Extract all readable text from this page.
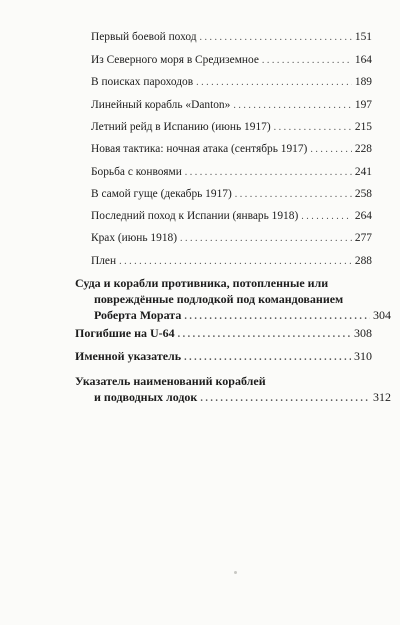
Первый боевой поход . . .	151
Из Северного моря в Средиземное . . .	164
В поисках пароходов . . .	189
Линейный корабль «Danton» . . .	197
Летний рейд в Испанию (июнь 1917) . . .	215
Новая тактика: ночная атака (сентябрь 1917) . . .	228
Борьба с конвоями . . .	241
В самой гуще (декабрь 1917) . . .	258
Последний поход к Испании (январь 1918) . . .	264
Крах (июнь 1918) . . .	277
Плен . . .	288
Суда и корабли противника, потопленные или
повреждённые подлодкой под командованием
Роберта Мората . . .	304
Погибшие на U-64 . . .	308
Именной указатель . . .	310
Указатель наименований кораблей
и подводных лодок . . .	312
